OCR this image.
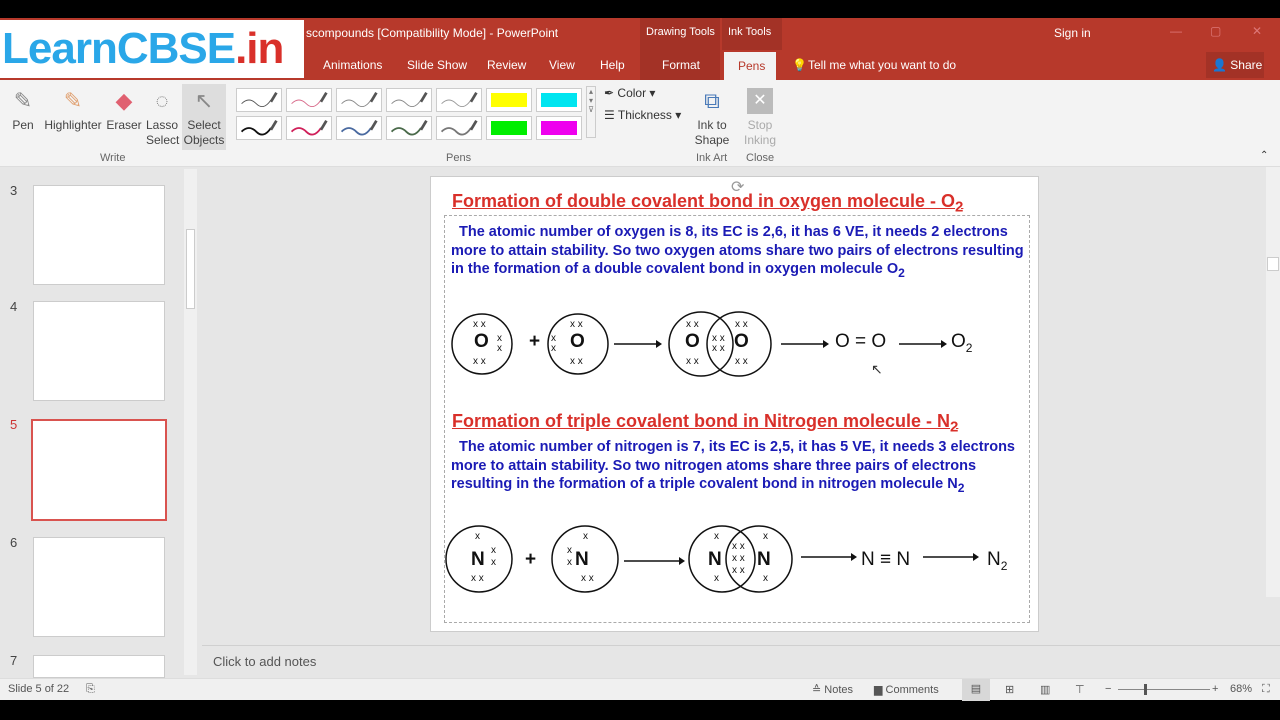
scompounds [Compatibility Mode] - PowerPoint	Drawing Tools	Ink Tools	Sign in	— ▢	✕
Animations Slide Show Review View Help	Format	Pens	💡 Tell me what you want to do	👤 Share
LearnCBSE.in
✎
Pen
✎
Highlighter
◆
Eraser
◌
Lasso Select
↖
Select Objects
Write
▴
▾
⊽
Pens
✒ Color ▾
☰ Thickness ▾
⧉
Ink to Shape
Ink Art
✕
Stop Inking
Close	⌃
3
4
5
6
7
Formation of double covalent bond in oxygen molecule - $O_2$
The atomic number of oxygen is 8, its EC is 2,6, it has 6 VE, it needs 2 electrons more to attain stability. So two oxygen atoms share two pairs of electrons resulting in the formation of a double covalent bond in oxygen molecule $O_2$
x x
x x
x
x
x x
x x
x
x
x x
x x
x x
x x
x x
x x
O + O	O O	O = O	$O_2$
Formation of triple covalent bond in Nitrogen molecule - $N_2$
The atomic number of nitrogen is 7, its EC is 2,5, it has 5 VE, it needs 3 electrons more to attain stability. So two nitrogen atoms share three pairs of electrons resulting in the formation of a triple covalent bond in nitrogen molecule $N_2$
x
x x
x
x
x
x x
x
x
x
x
x
x
x x
x x
x x
N + N	N N	N ≡ N	$N_2$
⟳
↖
Click to add notes
Slide 5 of 22 ⎘	≙ Notes ▆ Comments	▤	⊞ ▥ ⊤ −	+ 68% ⛶
